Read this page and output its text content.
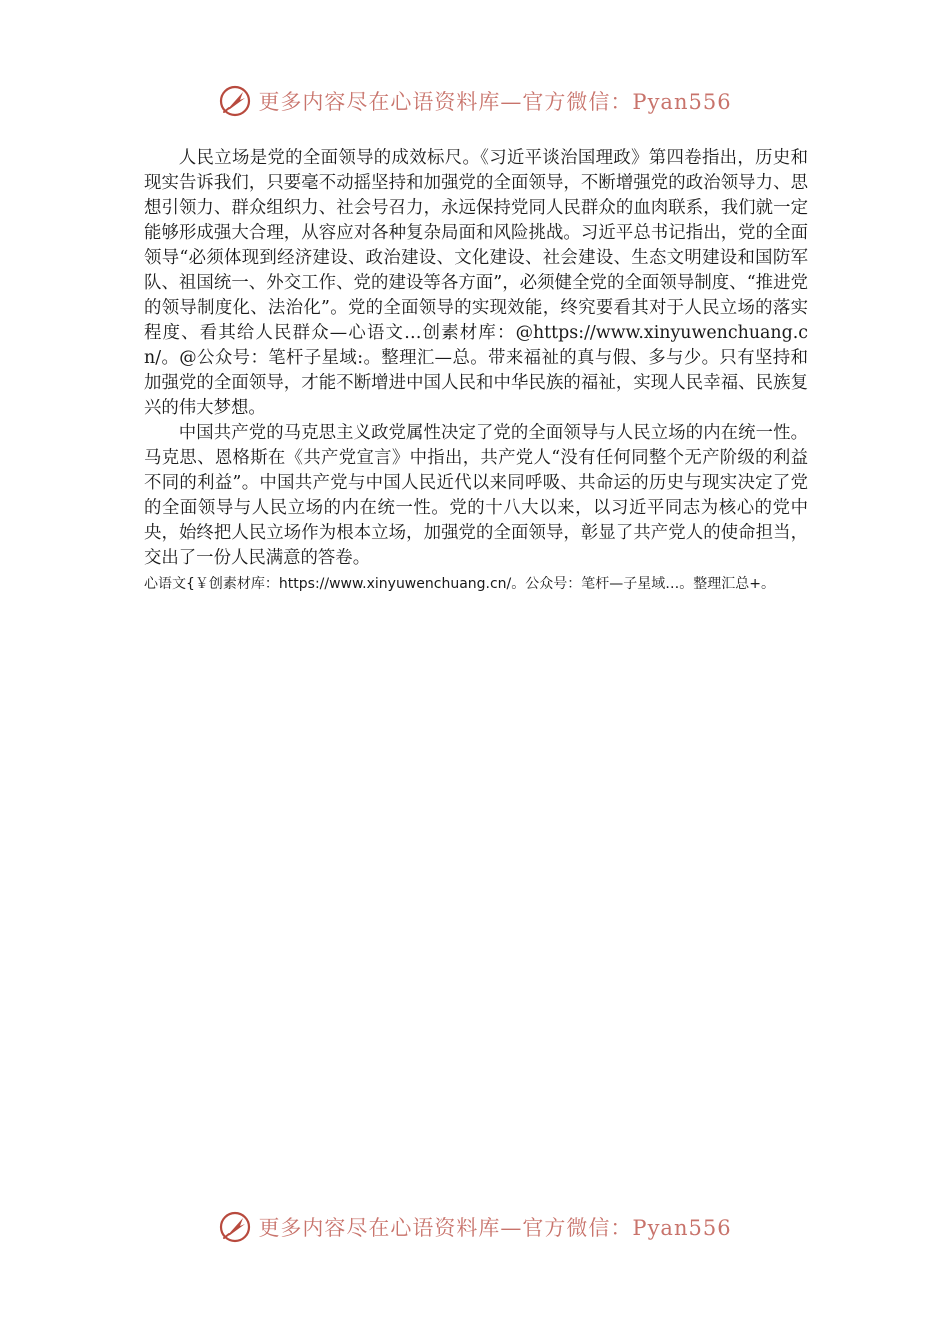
更多内容尽在心语资料库—官方微信：Pyan556

人民立场是党的全面领导的成效标尺。《习近平谈治国理政》第四卷指出，历史和现实告诉我们，只要毫不动摇坚持和加强党的全面领导，不断增强党的政治领导力、思想引领力、群众组织力、社会号召力，永远保持党同人民群众的血肉联系，我们就一定能够形成强大合理，从容应对各种复杂局面和风险挑战。习近平总书记指出，党的全面领导“必须体现到经济建设、政治建设、文化建设、社会建设、生态文明建设和国防军队、祖国统一、外交工作、党的建设等各方面”，必须健全党的全面领导制度、“推进党的领导制度化、法治化”。党的全面领导的实现效能，终究要看其对于人民立场的落实程度、看其给人民群众—心语文…创素材库：@https://www.xinyuwenchuang.cn/。@公众号：笔杆子星域:。整理汇—总。带来福祉的真与假、多与少。只有坚持和加强党的全面领导，才能不断增进中国人民和中华民族的福祉，实现人民幸福、民族复兴的伟大梦想。

中国共产党的马克思主义政党属性决定了党的全面领导与人民立场的内在统一性。马克思、恩格斯在《共产党宣言》中指出，共产党人“没有任何同整个无产阶级的利益不同的利益”。中国共产党与中国人民近代以来同呼吸、共命运的历史与现实决定了党的全面领导与人民立场的内在统一性。党的十八大以来，以习近平同志为核心的党中央，始终把人民立场作为根本立场，加强党的全面领导，彰显了共产党人的使命担当，交出了一份人民满意的答卷。

心语文{￥创素材库：https://www.xinyuwenchuang.cn/。公众号：笔杆—子星域…。整理汇总+。

更多内容尽在心语资料库—官方微信：Pyan556
